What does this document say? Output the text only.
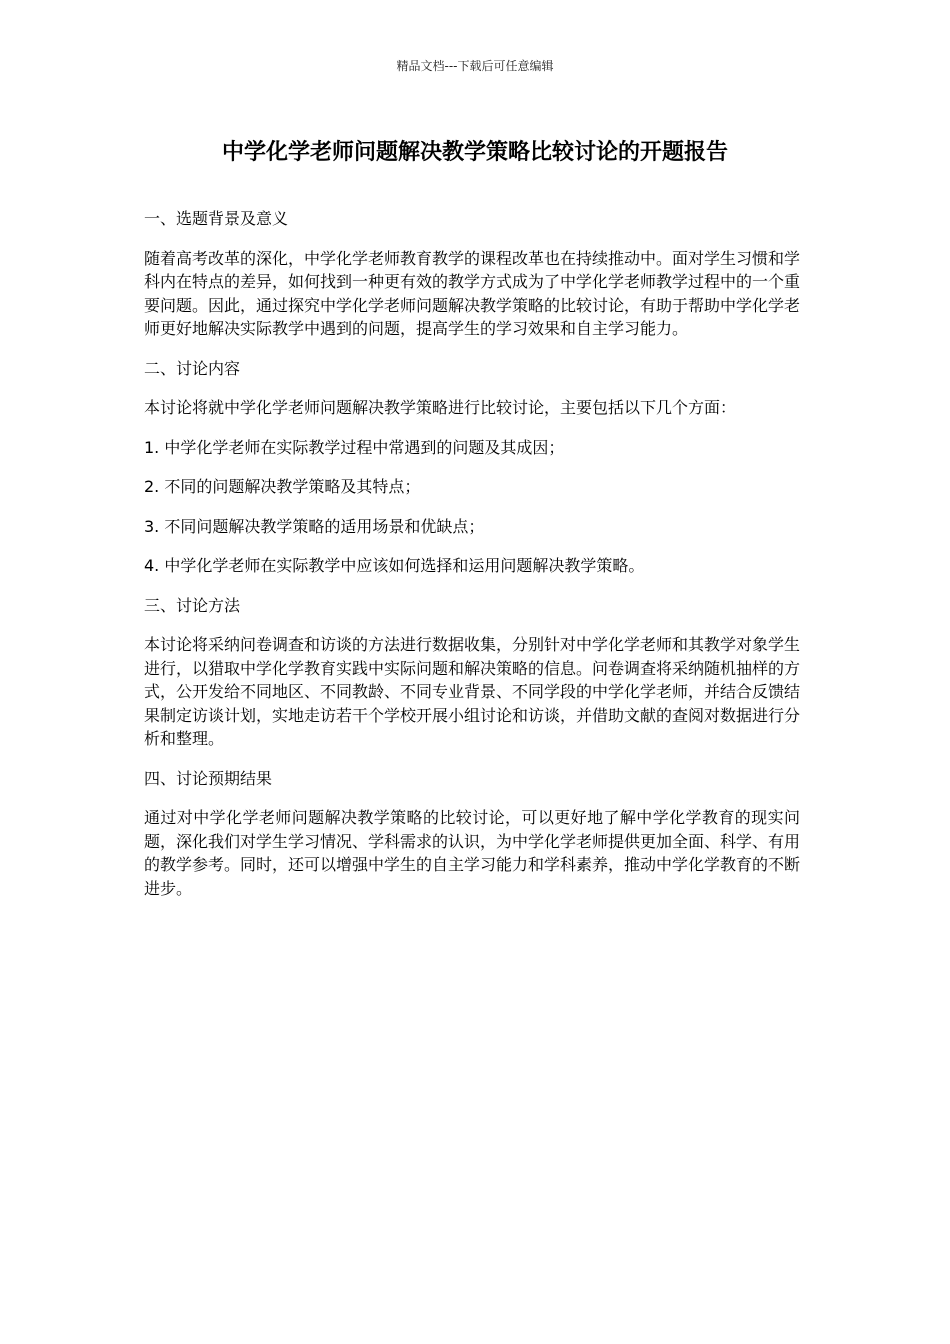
精品文档---下载后可任意编辑
中学化学老师问题解决教学策略比较讨论的开题报告

一、选题背景及意义

随着高考改革的深化，中学化学老师教育教学的课程改革也在持续推动中。面对学生习惯和学科内在特点的差异，如何找到一种更有效的教学方式成为了中学化学老师教学过程中的一个重要问题。因此，通过探究中学化学老师问题解决教学策略的比较讨论，有助于帮助中学化学老师更好地解决实际教学中遇到的问题，提高学生的学习效果和自主学习能力。

二、讨论内容

本讨论将就中学化学老师问题解决教学策略进行比较讨论，主要包括以下几个方面：

1. 中学化学老师在实际教学过程中常遇到的问题及其成因；

2. 不同的问题解决教学策略及其特点；

3. 不同问题解决教学策略的适用场景和优缺点；

4. 中学化学老师在实际教学中应该如何选择和运用问题解决教学策略。

三、讨论方法

本讨论将采纳问卷调查和访谈的方法进行数据收集，分别针对中学化学老师和其教学对象学生进行，以猎取中学化学教育实践中实际问题和解决策略的信息。问卷调查将采纳随机抽样的方式，公开发给不同地区、不同教龄、不同专业背景、不同学段的中学化学老师，并结合反馈结果制定访谈计划，实地走访若干个学校开展小组讨论和访谈，并借助文献的查阅对数据进行分析和整理。

四、讨论预期结果

通过对中学化学老师问题解决教学策略的比较讨论，可以更好地了解中学化学教育的现实问题，深化我们对学生学习情况、学科需求的认识，为中学化学老师提供更加全面、科学、有用的教学参考。同时，还可以增强中学生的自主学习能力和学科素养，推动中学化学教育的不断进步。
